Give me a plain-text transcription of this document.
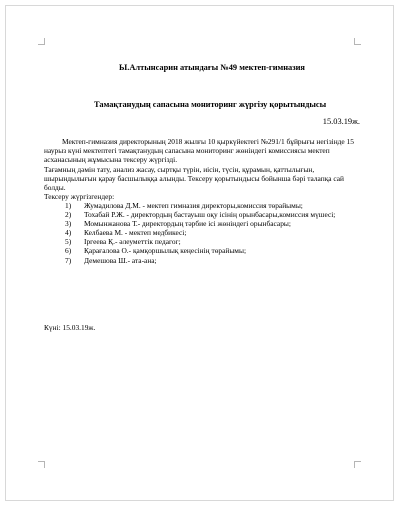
Ы.Алтынсарин атындағы №49 мектеп-гимназия
Тамақтанудың сапасына мониторинг жүргізу қорытындысы
15.03.19ж.

Мектеп-гимназия директорының 2018 жылғы 10 қыркүйектегі №291/1 бұйрығы негізінде 15 наурыз күні мектептегі тамақтанудың сапасына мониторинг жөніндегі комиссиясы мектеп асханасының жұмысына тексеру жүргізді.

Тағамның дәмін тату, анализ жасау, сыртқы түрін, иісін, түсін, құрамын, қаттылығын, шырындылығын қарау басшылыққа алынды. Тексеру қорытындысы бойынша бәрі талапқа сай болды.

Тексеру жүргізгендер:

1)	Жумадилова Д.М. - мектеп гимназия директоры,комиссия төрайымы;
2)	Тохабай Р.Ж. - директордың бастауыш оқу ісінің орынбасары,комиссия мүшесі;
3)	Момынжанова Т.- директордың тәрбие ісі жөніндегі орынбасары;
4)	Келбаева М. - мектеп медбикесі;
5)	Іргеева Қ.- әлеуметтік педагог;
6)	Қарағалова О.- қамқоршылық кеңесінің төрайымы;
7)	Демешова Ш.- ата-ана;
Күні: 15.03.19ж.
